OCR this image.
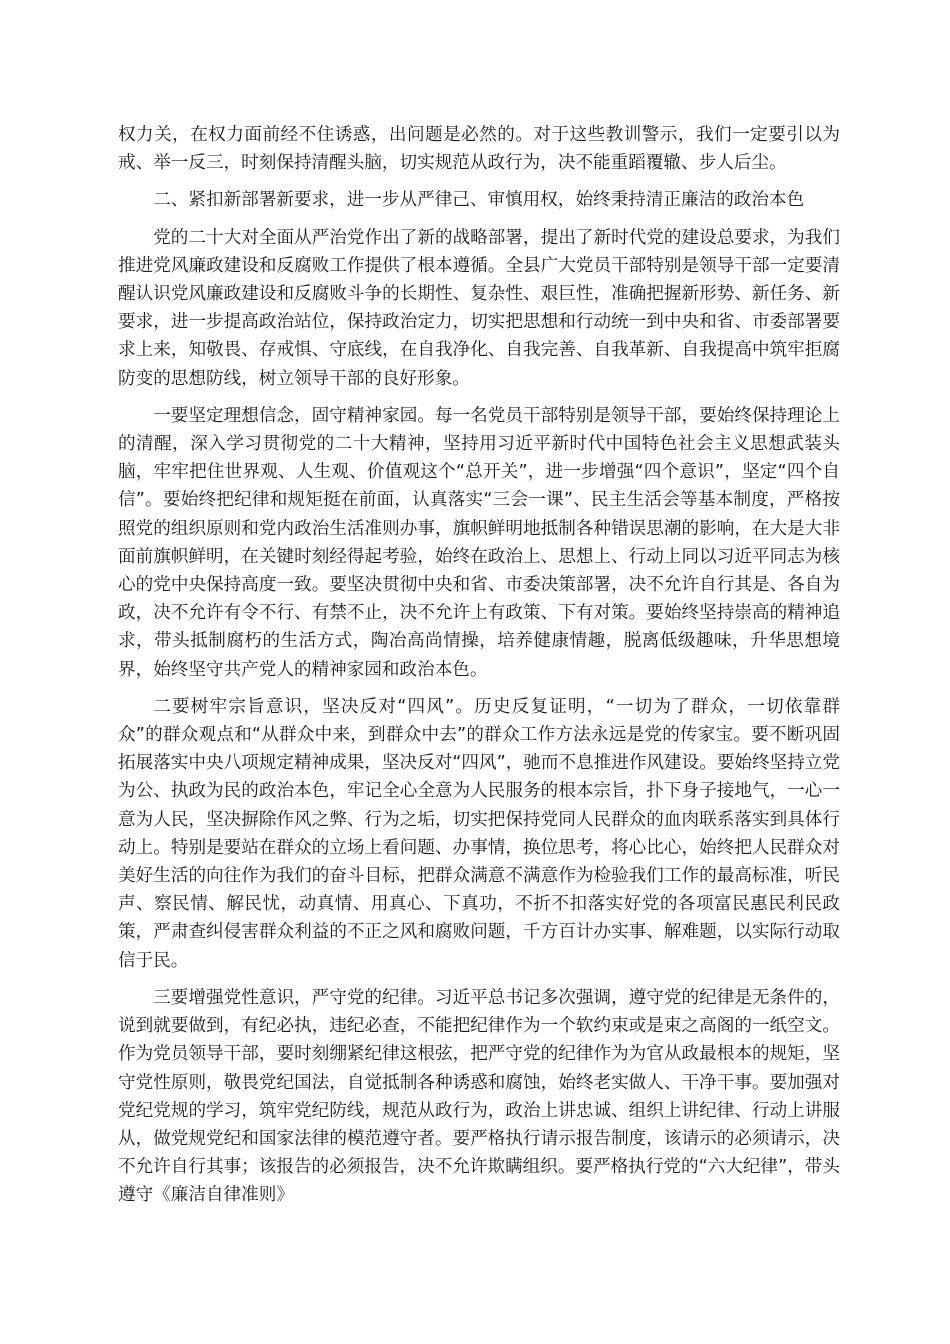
权力关，在权力面前经不住诱惑，出问题是必然的。对于这些教训警示，我们一定要引以为戒、举一反三，时刻保持清醒头脑，切实规范从政行为，决不能重蹈覆辙、步人后尘。

二、紧扣新部署新要求，进一步从严律己、审慎用权，始终秉持清正廉洁的政治本色

党的二十大对全面从严治党作出了新的战略部署，提出了新时代党的建设总要求，为我们推进党风廉政建设和反腐败工作提供了根本遵循。全县广大党员干部特别是领导干部一定要清醒认识党风廉政建设和反腐败斗争的长期性、复杂性、艰巨性，准确把握新形势、新任务、新要求，进一步提高政治站位，保持政治定力，切实把思想和行动统一到中央和省、市委部署要求上来，知敬畏、存戒惧、守底线，在自我净化、自我完善、自我革新、自我提高中筑牢拒腐防变的思想防线，树立领导干部的良好形象。

一要坚定理想信念，固守精神家园。每一名党员干部特别是领导干部，要始终保持理论上的清醒，深入学习贯彻党的二十大精神，坚持用习近平新时代中国特色社会主义思想武装头脑，牢牢把住世界观、人生观、价值观这个“总开关”，进一步增强“四个意识”，坚定“四个自信”。要始终把纪律和规矩挺在前面，认真落实“三会一课”、民主生活会等基本制度，严格按照党的组织原则和党内政治生活准则办事，旗帜鲜明地抵制各种错误思潮的影响，在大是大非面前旗帜鲜明，在关键时刻经得起考验，始终在政治上、思想上、行动上同以习近平同志为核心的党中央保持高度一致。要坚决贯彻中央和省、市委决策部署，决不允许自行其是、各自为政，决不允许有令不行、有禁不止，决不允许上有政策、下有对策。要始终坚持崇高的精神追求，带头抵制腐朽的生活方式，陶冶高尚情操，培养健康情趣，脱离低级趣味，升华思想境界，始终坚守共产党人的精神家园和政治本色。

二要树牢宗旨意识，坚决反对“四风”。历史反复证明，“一切为了群众，一切依靠群众”的群众观点和“从群众中来，到群众中去”的群众工作方法永远是党的传家宝。要不断巩固拓展落实中央八项规定精神成果，坚决反对“四风”，驰而不息推进作风建设。要始终坚持立党为公、执政为民的政治本色，牢记全心全意为人民服务的根本宗旨，扑下身子接地气，一心一意为人民，坚决摒除作风之弊、行为之垢，切实把保持党同人民群众的血肉联系落实到具体行动上。特别是要站在群众的立场上看问题、办事情，换位思考，将心比心，始终把人民群众对美好生活的向往作为我们的奋斗目标，把群众满意不满意作为检验我们工作的最高标准，听民声、察民情、解民忧，动真情、用真心、下真功，不折不扣落实好党的各项富民惠民利民政策，严肃查纠侵害群众利益的不正之风和腐败问题，千方百计办实事、解难题，以实际行动取信于民。

三要增强党性意识，严守党的纪律。习近平总书记多次强调，遵守党的纪律是无条件的，说到就要做到，有纪必执，违纪必查，不能把纪律作为一个软约束或是束之高阁的一纸空文。作为党员领导干部，要时刻绷紧纪律这根弦，把严守党的纪律作为为官从政最根本的规矩，坚守党性原则，敬畏党纪国法，自觉抵制各种诱惑和腐蚀，始终老实做人、干净干事。要加强对党纪党规的学习，筑牢党纪防线，规范从政行为，政治上讲忠诚、组织上讲纪律、行动上讲服从，做党规党纪和国家法律的模范遵守者。要严格执行请示报告制度，该请示的必须请示，决不允许自行其事；该报告的必须报告，决不允许欺瞒组织。要严格执行党的“六大纪律”，带头遵守《廉洁自律准则》
